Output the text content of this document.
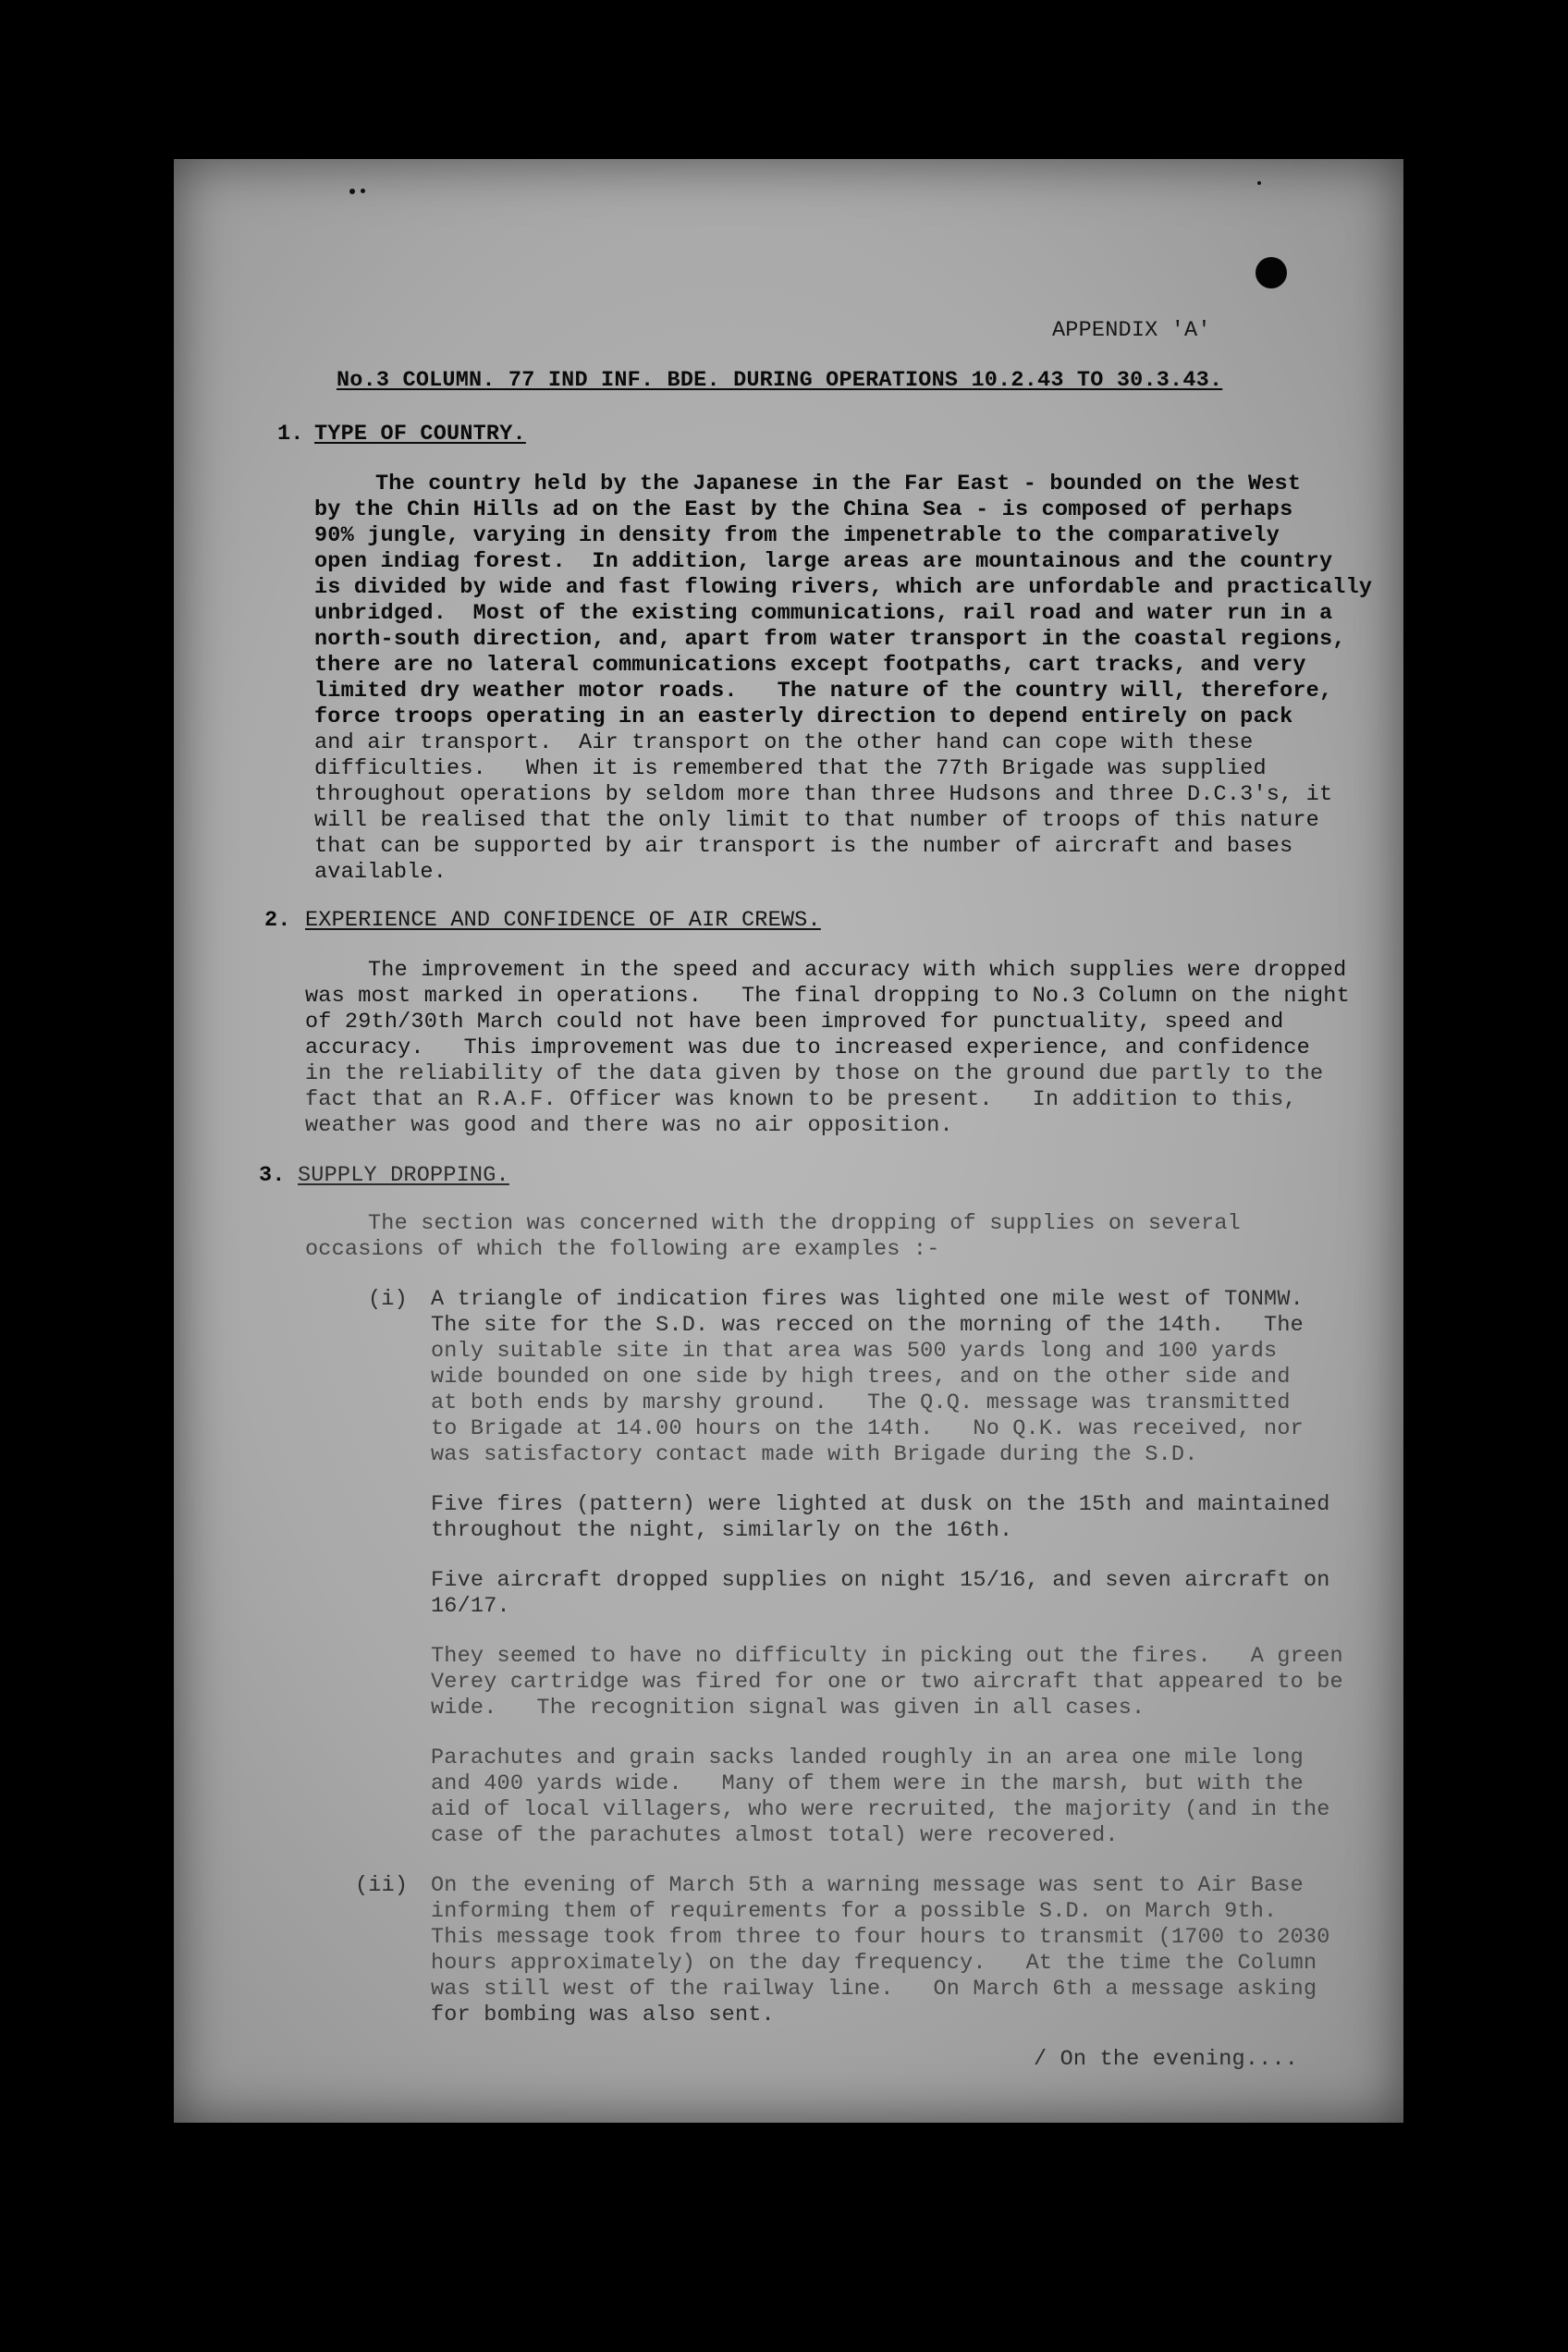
APPENDIX 'A'

No.3 COLUMN. 77 IND INF. BDE. DURING OPERATIONS 10.2.43 TO 30.3.43.

1. TYPE OF COUNTRY.

The country held by the Japanese in the Far East - bounded on the West

by the Chin Hills ad on the East by the China Sea - is composed of perhaps

90% jungle, varying in density from the impenetrable to the comparatively

open indiag forest.  In addition, large areas are mountainous and the country

is divided by wide and fast flowing rivers, which are unfordable and practically

unbridged.  Most of the existing communications, rail road and water run in a

north-south direction, and, apart from water transport in the coastal regions,

there are no lateral communications except footpaths, cart tracks, and very

limited dry weather motor roads.   The nature of the country will, therefore,

force troops operating in an easterly direction to depend entirely on pack

and air transport.  Air transport on the other hand can cope with these

difficulties.   When it is remembered that the 77th Brigade was supplied

throughout operations by seldom more than three Hudsons and three D.C.3's, it

will be realised that the only limit to that number of troops of this nature

that can be supported by air transport is the number of aircraft and bases

available.

2. EXPERIENCE AND CONFIDENCE OF AIR CREWS.

The improvement in the speed and accuracy with which supplies were dropped

was most marked in operations.   The final dropping to No.3 Column on the night

of 29th/30th March could not have been improved for punctuality, speed and

accuracy.   This improvement was due to increased experience, and confidence

in the reliability of the data given by those on the ground due partly to the

fact that an R.A.F. Officer was known to be present.   In addition to this,

weather was good and there was no air opposition.

3. SUPPLY DROPPING.

The section was concerned with the dropping of supplies on several

occasions of which the following are examples :-

(i) A triangle of indication fires was lighted one mile west of TONMW.

The site for the S.D. was recced on the morning of the 14th.   The

only suitable site in that area was 500 yards long and 100 yards

wide bounded on one side by high trees, and on the other side and

at both ends by marshy ground.   The Q.Q. message was transmitted

to Brigade at 14.00 hours on the 14th.   No Q.K. was received, nor

was satisfactory contact made with Brigade during the S.D.

Five fires (pattern) were lighted at dusk on the 15th and maintained

throughout the night, similarly on the 16th.

Five aircraft dropped supplies on night 15/16, and seven aircraft on

16/17.

They seemed to have no difficulty in picking out the fires.   A green

Verey cartridge was fired for one or two aircraft that appeared to be

wide.   The recognition signal was given in all cases.

Parachutes and grain sacks landed roughly in an area one mile long

and 400 yards wide.   Many of them were in the marsh, but with the

aid of local villagers, who were recruited, the majority (and in the

case of the parachutes almost total) were recovered.

(ii) On the evening of March 5th a warning message was sent to Air Base

informing them of requirements for a possible S.D. on March 9th.

This message took from three to four hours to transmit (1700 to 2030

hours approximately) on the day frequency.   At the time the Column

was still west of the railway line.   On March 6th a message asking

for bombing was also sent.

/ On the evening....
